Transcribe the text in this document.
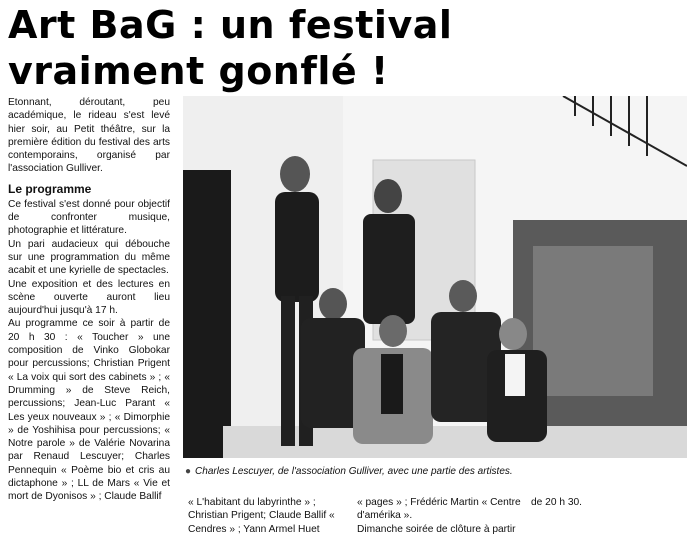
Art BaG : un festival
vraiment gonflé !

Etonnant, déroutant, peu académique, le rideau s'est levé hier soir, au Petit théâtre, sur la première édition du festival des arts contemporains, organisé par l'association Gulliver.

Le programme

Ce festival s'est donné pour objectif de confronter musique, photographie et littérature.

Un pari audacieux qui débouche sur une programmation du même acabit et une kyrielle de spectacles.

Une exposition et des lectures en scène ouverte auront lieu aujourd'hui jusqu'à 17 h.

Au programme ce soir à partir de 20 h 30 : « Toucher » une composition de Vinko Globokar pour percussions; Christian Prigent « La voix qui sort des cabinets » ; « Drumming » de Steve Reich, percussions; Jean-Luc Parant « Les yeux nouveaux » ; « Dimorphie » de Yoshihisa pour percussions; « Notre parole » de Valérie Novarina par Renaud Lescuyer; Charles Pennequin « Poème bio et cris au dictaphone » ; LL de Mars « Vie et mort de Dyonisos » ; Claude Ballif

● Charles Lescuyer, de l'association Gulliver, avec une partie des artistes.

« L'habitant du labyrinthe » ; Christian Prigent; Claude Ballif « Cendres » ; Yann Armel Huet

« pages » ; Frédéric Martin « Centre d'amérika ».

Dimanche soirée de clôture à partir

de 20 h 30.
